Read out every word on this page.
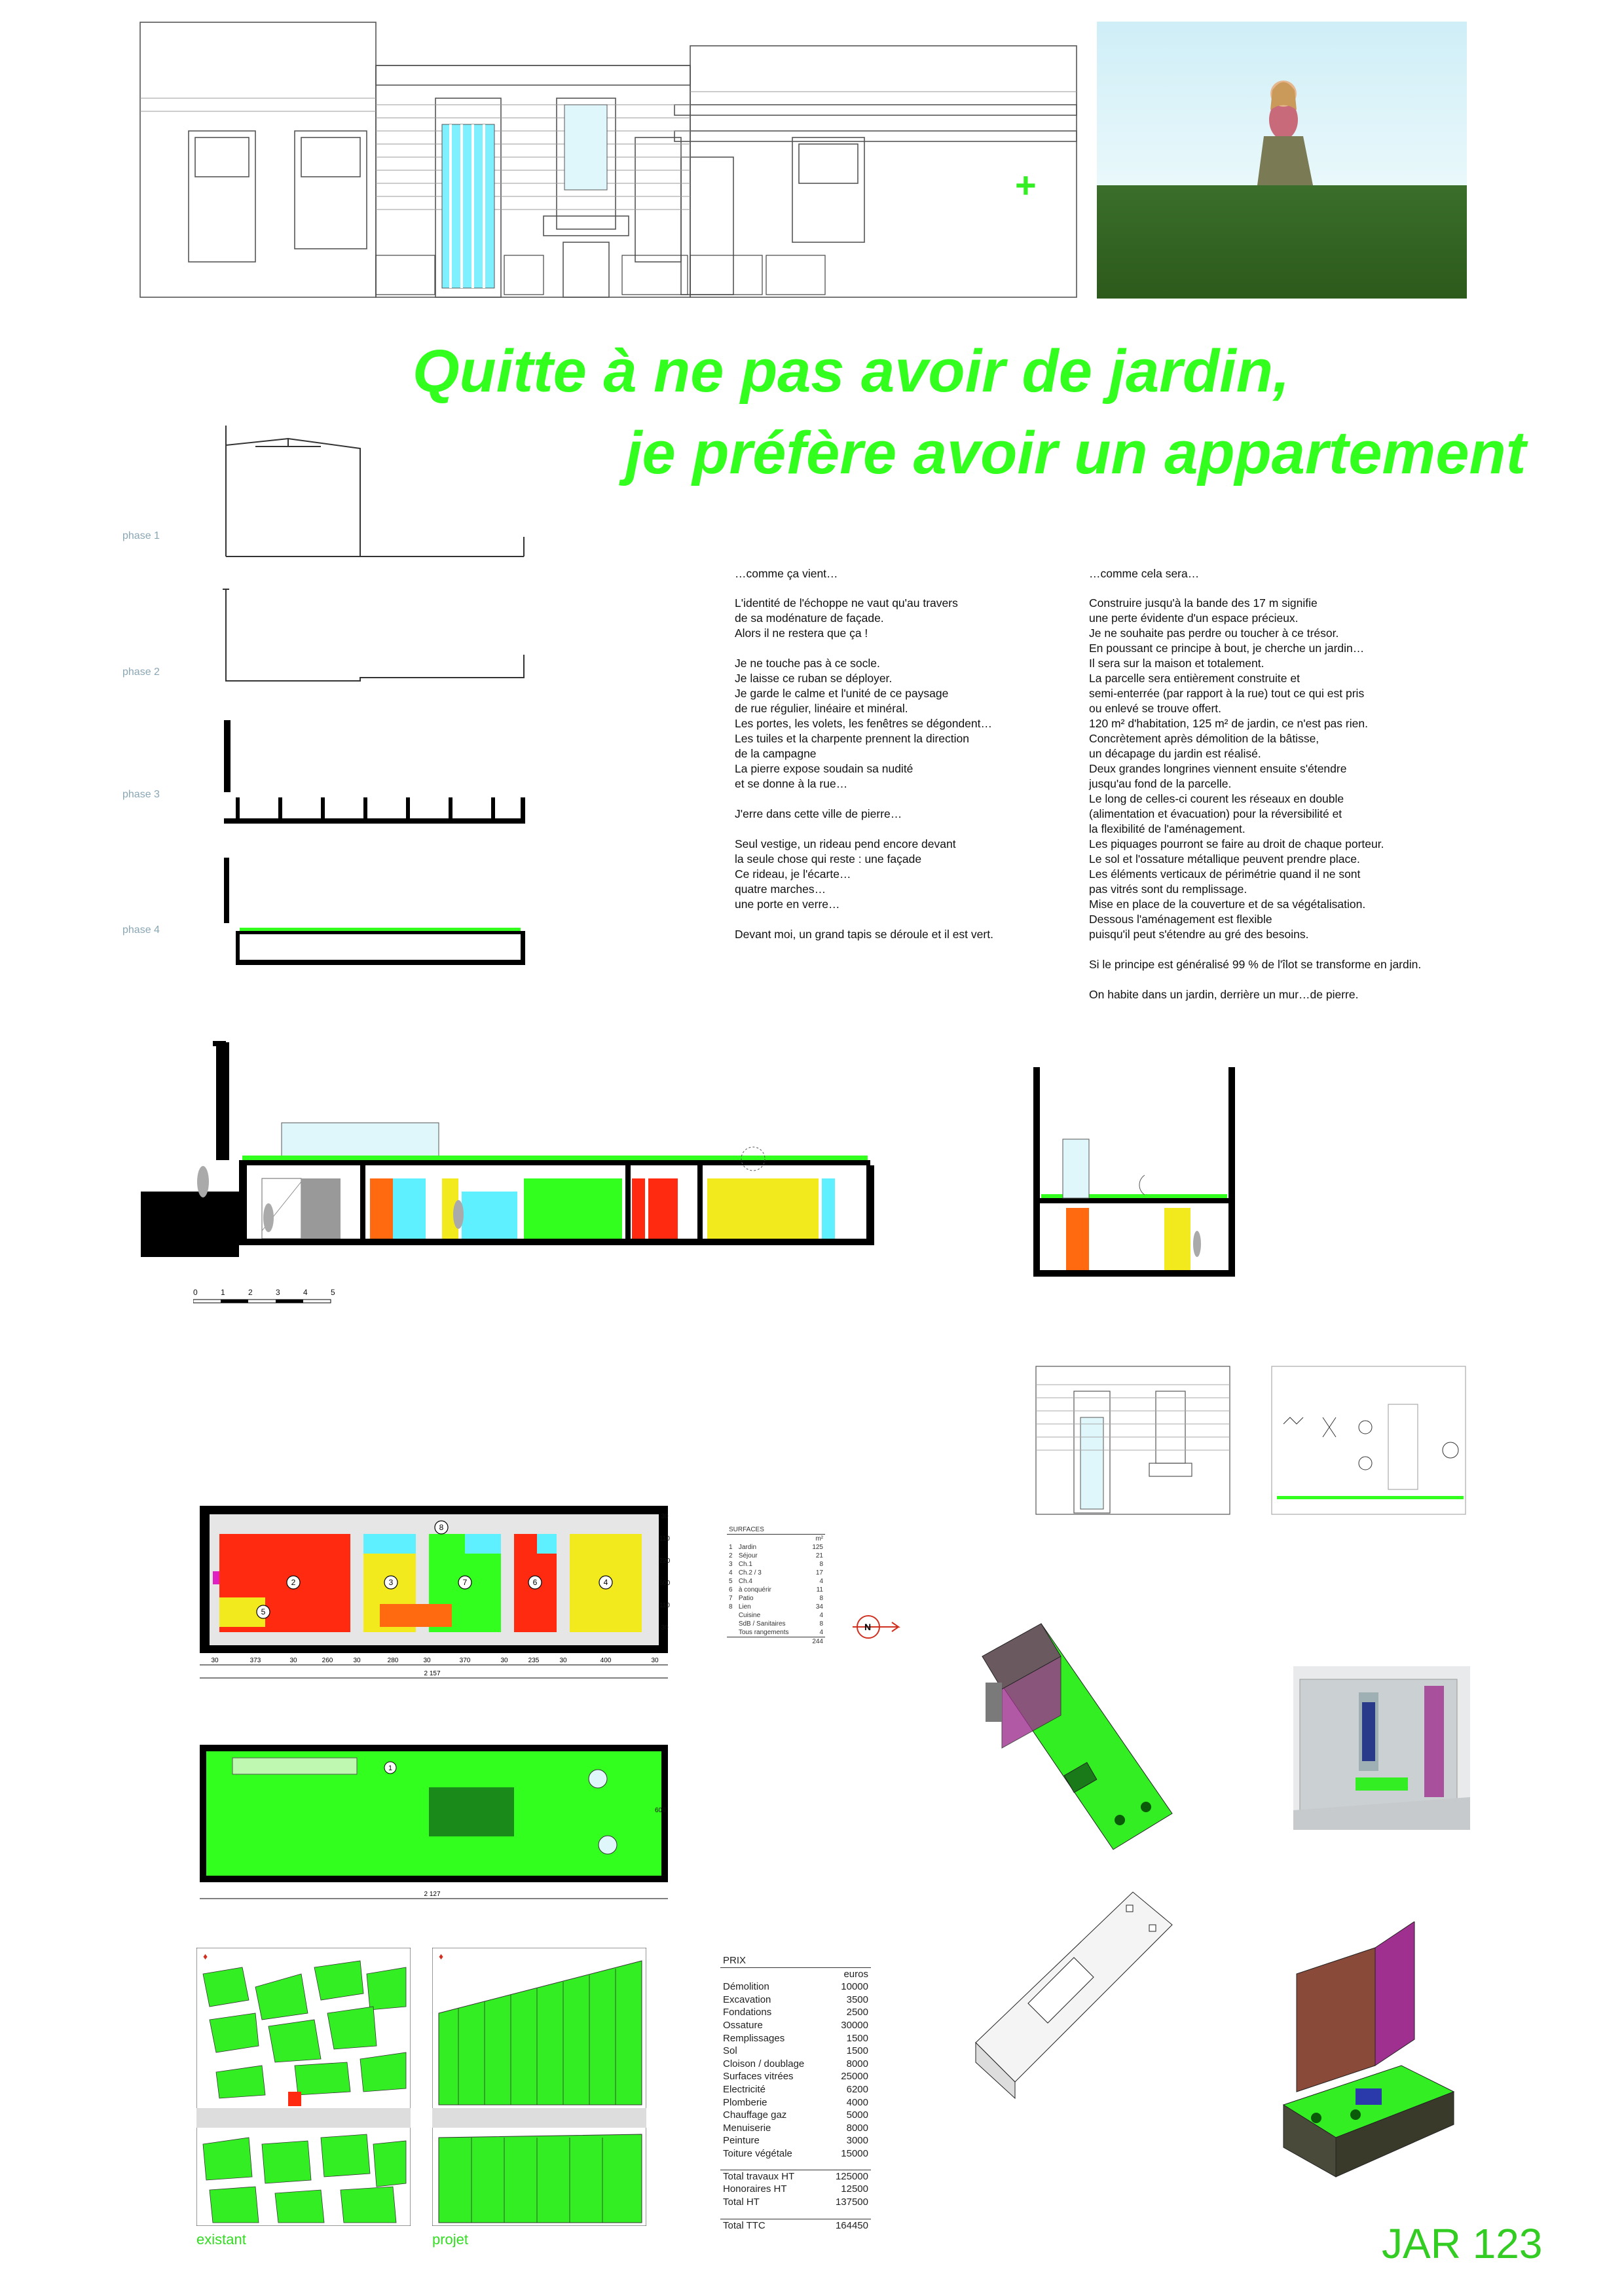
+
Quitte à ne pas avoir de jardin,
je préfère avoir un appartement
phase 1
phase 2
phase 3
phase 4
…comme ça vient…
L'identité de l'échoppe ne vaut qu'au travers
de sa modénature de façade.
Alors il ne restera que ça !
Je ne touche pas à ce socle.
Je laisse ce ruban se déployer.
Je garde le calme et l'unité de ce paysage
de rue régulier, linéaire et minéral.
Les portes, les volets, les fenêtres se dégondent…
Les tuiles et la charpente prennent la direction
de la campagne
La pierre expose soudain sa nudité
et se donne à la rue…
J'erre dans cette ville de pierre…
Seul vestige, un rideau pend encore devant
la seule chose qui reste : une façade
Ce rideau, je l'écarte…
quatre marches…
une porte en verre…
Devant moi, un grand tapis se déroule et il est vert.
…comme cela sera…
Construire jusqu'à la bande des 17 m signifie
une perte évidente d'un espace précieux.
Je ne souhaite pas perdre ou toucher à ce trésor.
En poussant ce principe à bout, je cherche un jardin…
Il sera sur la maison et totalement.
La parcelle sera entièrement construite et
semi-enterrée (par rapport à la rue) tout ce qui est pris
ou enlevé se trouve offert.
120 m² d'habitation, 125 m² de jardin, ce n'est pas rien.
Concrètement après démolition de la bâtisse,
un décapage du jardin est réalisé.
Deux grandes longrines viennent ensuite s'étendre
jusqu'au fond de la parcelle.
Le long de celles-ci courent les réseaux en double
(alimentation et évacuation) pour la réversibilité et
la flexibilité de l'aménagement.
Les piquages pourront se faire au droit de chaque porteur.
Le sol et l'ossature métallique peuvent prendre place.
Les éléments verticaux de périmétrie quand il ne sont
pas vitrés sont du remplissage.
Mise en place de la couverture et de sa végétalisation.
Dessous l'aménagement est flexible
puisqu'il peut s'étendre au gré des besoins.
Si le principe est généralisé 99 % de l'îlot se transforme en jardin.
On habite dans un jardin, derrière un mur…de pierre.
0	1	2	3	4	5
2	3	4
5
6
7
8
30	373	30	260	30	280	30	370	30	235	30	400	30
2 157
30
110
220
600
110
30
SURFACES		
		m²
1	Jardin	125
2	Séjour	21
3	Ch.1	8
4	Ch.2 / 3	17
5	Ch.4	4
6	à conquérir	11
7	Patio	8
8	Lien	34
	Cuisine	4
	SdB / Sanitaires	8
	Tous rangements	4
244		
N
1
2 127
600
♦	♦
existant	projet
PRIX	
	euros
Démolition	10000
Excavation	3500
Fondations	2500
Ossature	30000
Remplissages	1500
Sol	1500
Cloison / doublage	8000
Surfaces vitrées	25000
Electricité	6200
Plomberie	4000
Chauffage gaz	5000
Menuiserie	8000
Peinture	3000
Toiture végétale	15000

Total travaux HT	125000
Honoraires HT	12500
Total HT	137500

Total TTC	164450	JAR 123
